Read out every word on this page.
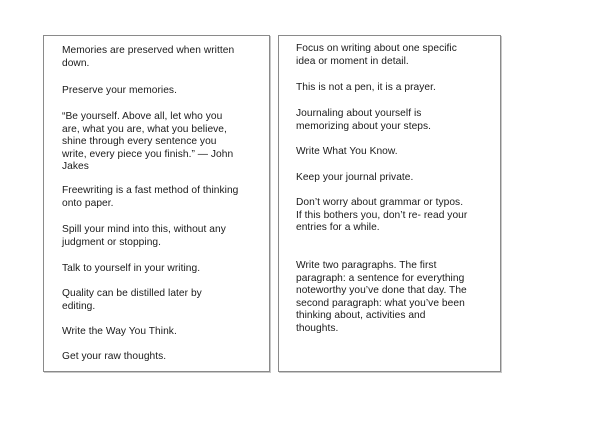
Memories are preserved when written
down.

Preserve your memories.

“Be yourself. Above all, let who you
are, what you are, what you believe,
shine through every sentence you
write, every piece you finish.” — John
Jakes

Freewriting is a fast method of thinking
onto paper.

Spill your mind into this, without any
judgment or stopping.

Talk to yourself in your writing.

Quality can be distilled later by
editing.

Write the Way You Think.

Get your raw thoughts.

Focus on writing about one specific
idea or moment in detail.

This is not a pen, it is a prayer.

Journaling about yourself is
memorizing about your steps.

Write What You Know.

Keep your journal private.

Don’t worry about grammar or typos.
If this bothers you, don’t re- read your
entries for a while.

Write two paragraphs. The first
paragraph: a sentence for everything
noteworthy you’ve done that day. The
second paragraph: what you’ve been
thinking about, activities and
thoughts.
